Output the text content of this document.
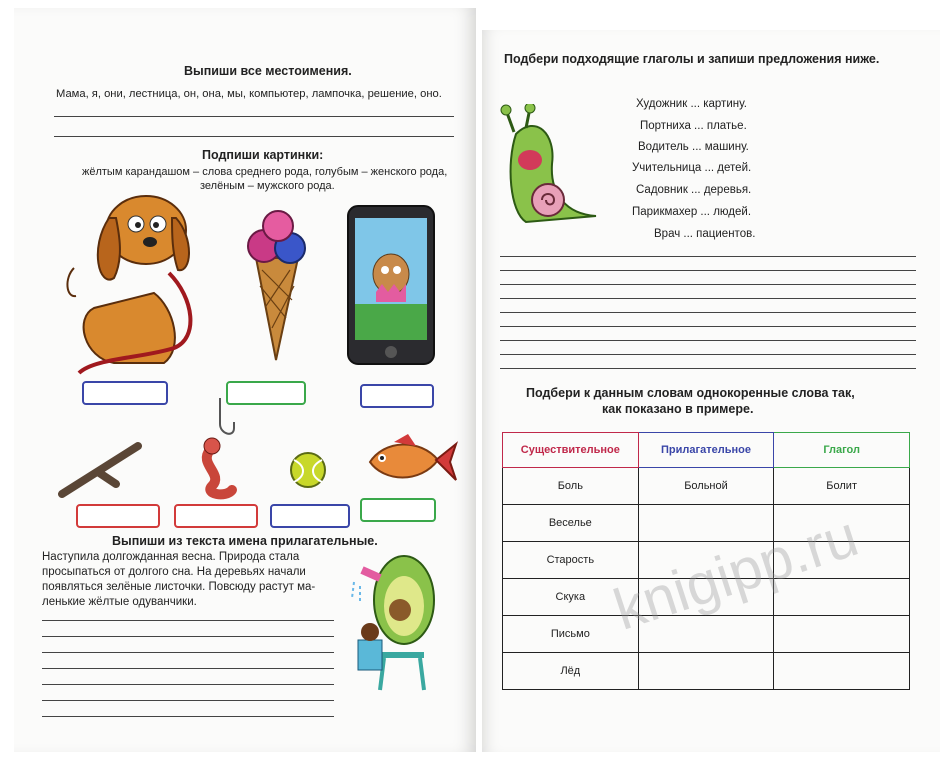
Выпиши все местоимения.
Мама, я, они, лестница, он, она, мы, компьютер, лампочка, решение, оно.
Подпиши картинки:
жёлтым карандашом – слова среднего рода, голубым – женского рода,
зелёным – мужского рода.
Выпиши из текста имена прилагательные.
Наступила долгожданная весна. Природа стала
просыпаться от долгого сна. На деревьях начали
появляться зелёные листочки. Повсюду растут ма-
ленькие жёлтые одуванчики.
Подбери подходящие глаголы и запиши предложения ниже.
Художник ... картину.
Портниха ... платье.
Водитель ... машину.
Учительница ... детей.
Садовник ... деревья.
Парикмахер ... людей.
Врач ... пациентов.
Подбери к данным словам однокоренные слова так,
как показано в примере.
Существительное	Прилагательное	Глагол
Боль	Больной	Болит
Веселье		
Старость		
Скука		
Письмо		
Лёд		
knigipp.ru
